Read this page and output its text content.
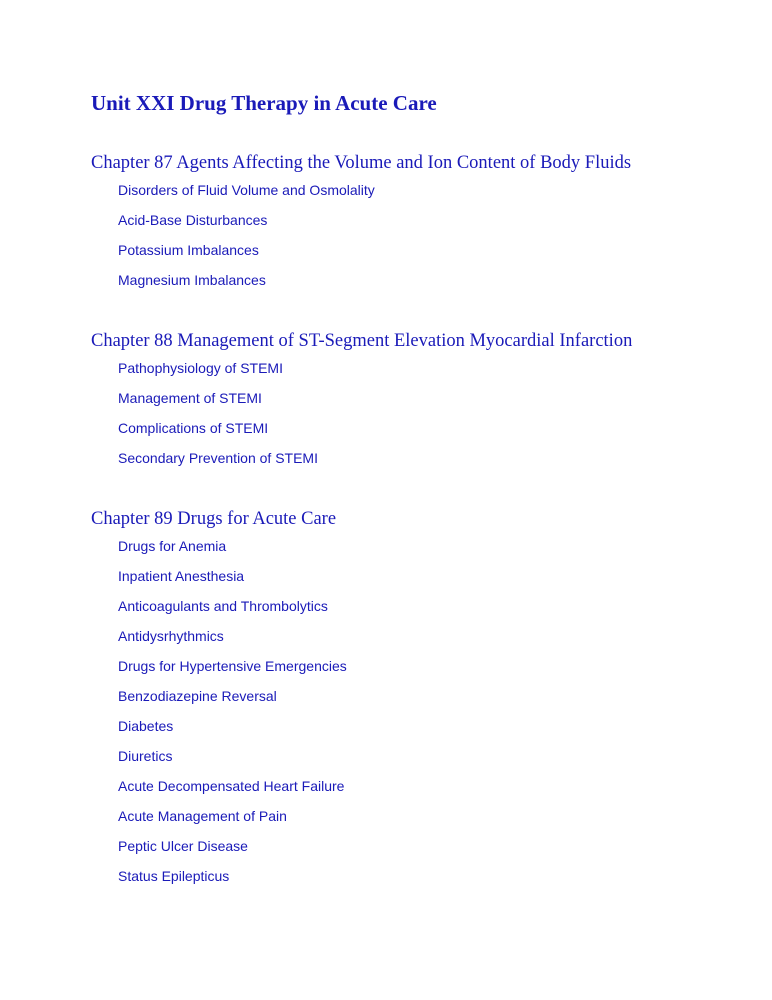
Unit XXI Drug Therapy in Acute Care
Chapter 87 Agents Affecting the Volume and Ion Content of Body Fluids
Disorders of Fluid Volume and Osmolality
Acid-Base Disturbances
Potassium Imbalances
Magnesium Imbalances
Chapter 88 Management of ST-Segment Elevation Myocardial Infarction
Pathophysiology of STEMI
Management of STEMI
Complications of STEMI
Secondary Prevention of STEMI
Chapter 89 Drugs for Acute Care
Drugs for Anemia
Inpatient Anesthesia
Anticoagulants and Thrombolytics
Antidysrhythmics
Drugs for Hypertensive Emergencies
Benzodiazepine Reversal
Diabetes
Diuretics
Acute Decompensated Heart Failure
Acute Management of Pain
Peptic Ulcer Disease
Status Epilepticus
